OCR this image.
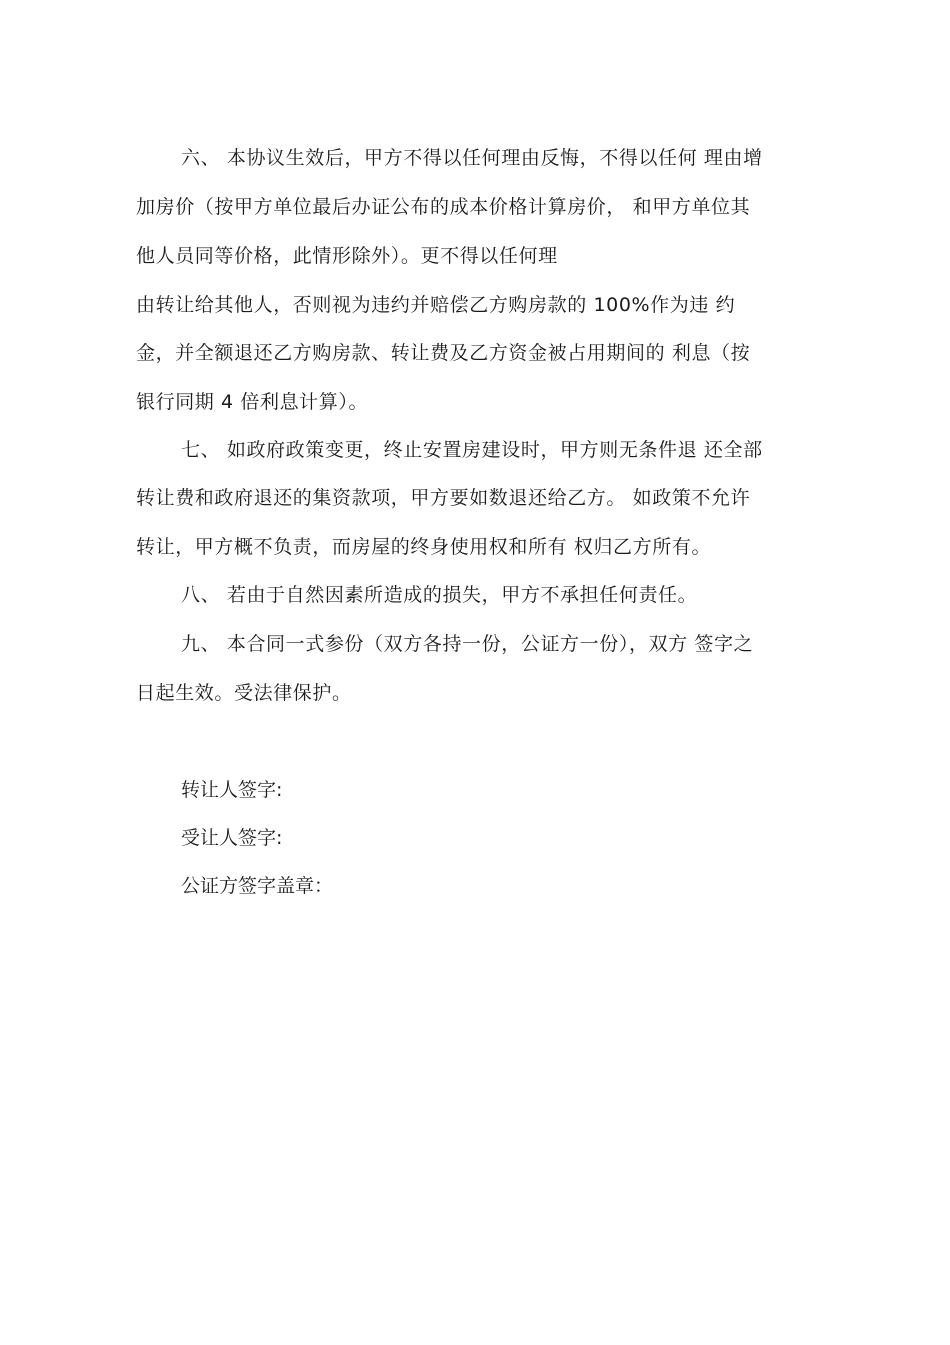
六、 本协议生效后，甲方不得以任何理由反悔，不得以任何 理由增
加房价（按甲方单位最后办证公布的成本价格计算房价， 和甲方单位其
他人员同等价格，此情形除外）。更不得以任何理
由转让给其他人，否则视为违约并赔偿乙方购房款的 100%作为违 约
金，并全额退还乙方购房款、转让费及乙方资金被占用期间的 利息（按
银行同期 4 倍利息计算）。
七、 如政府政策变更，终止安置房建设时，甲方则无条件退 还全部
转让费和政府退还的集资款项，甲方要如数退还给乙方。 如政策不允许
转让，甲方概不负责，而房屋的终身使用权和所有 权归乙方所有。
八、 若由于自然因素所造成的损失，甲方不承担任何责任。
九、 本合同一式参份（双方各持一份，公证方一份），双方 签字之
日起生效。受法律保护。
转让人签字:
受让人签字:
公证方签字盖章：
